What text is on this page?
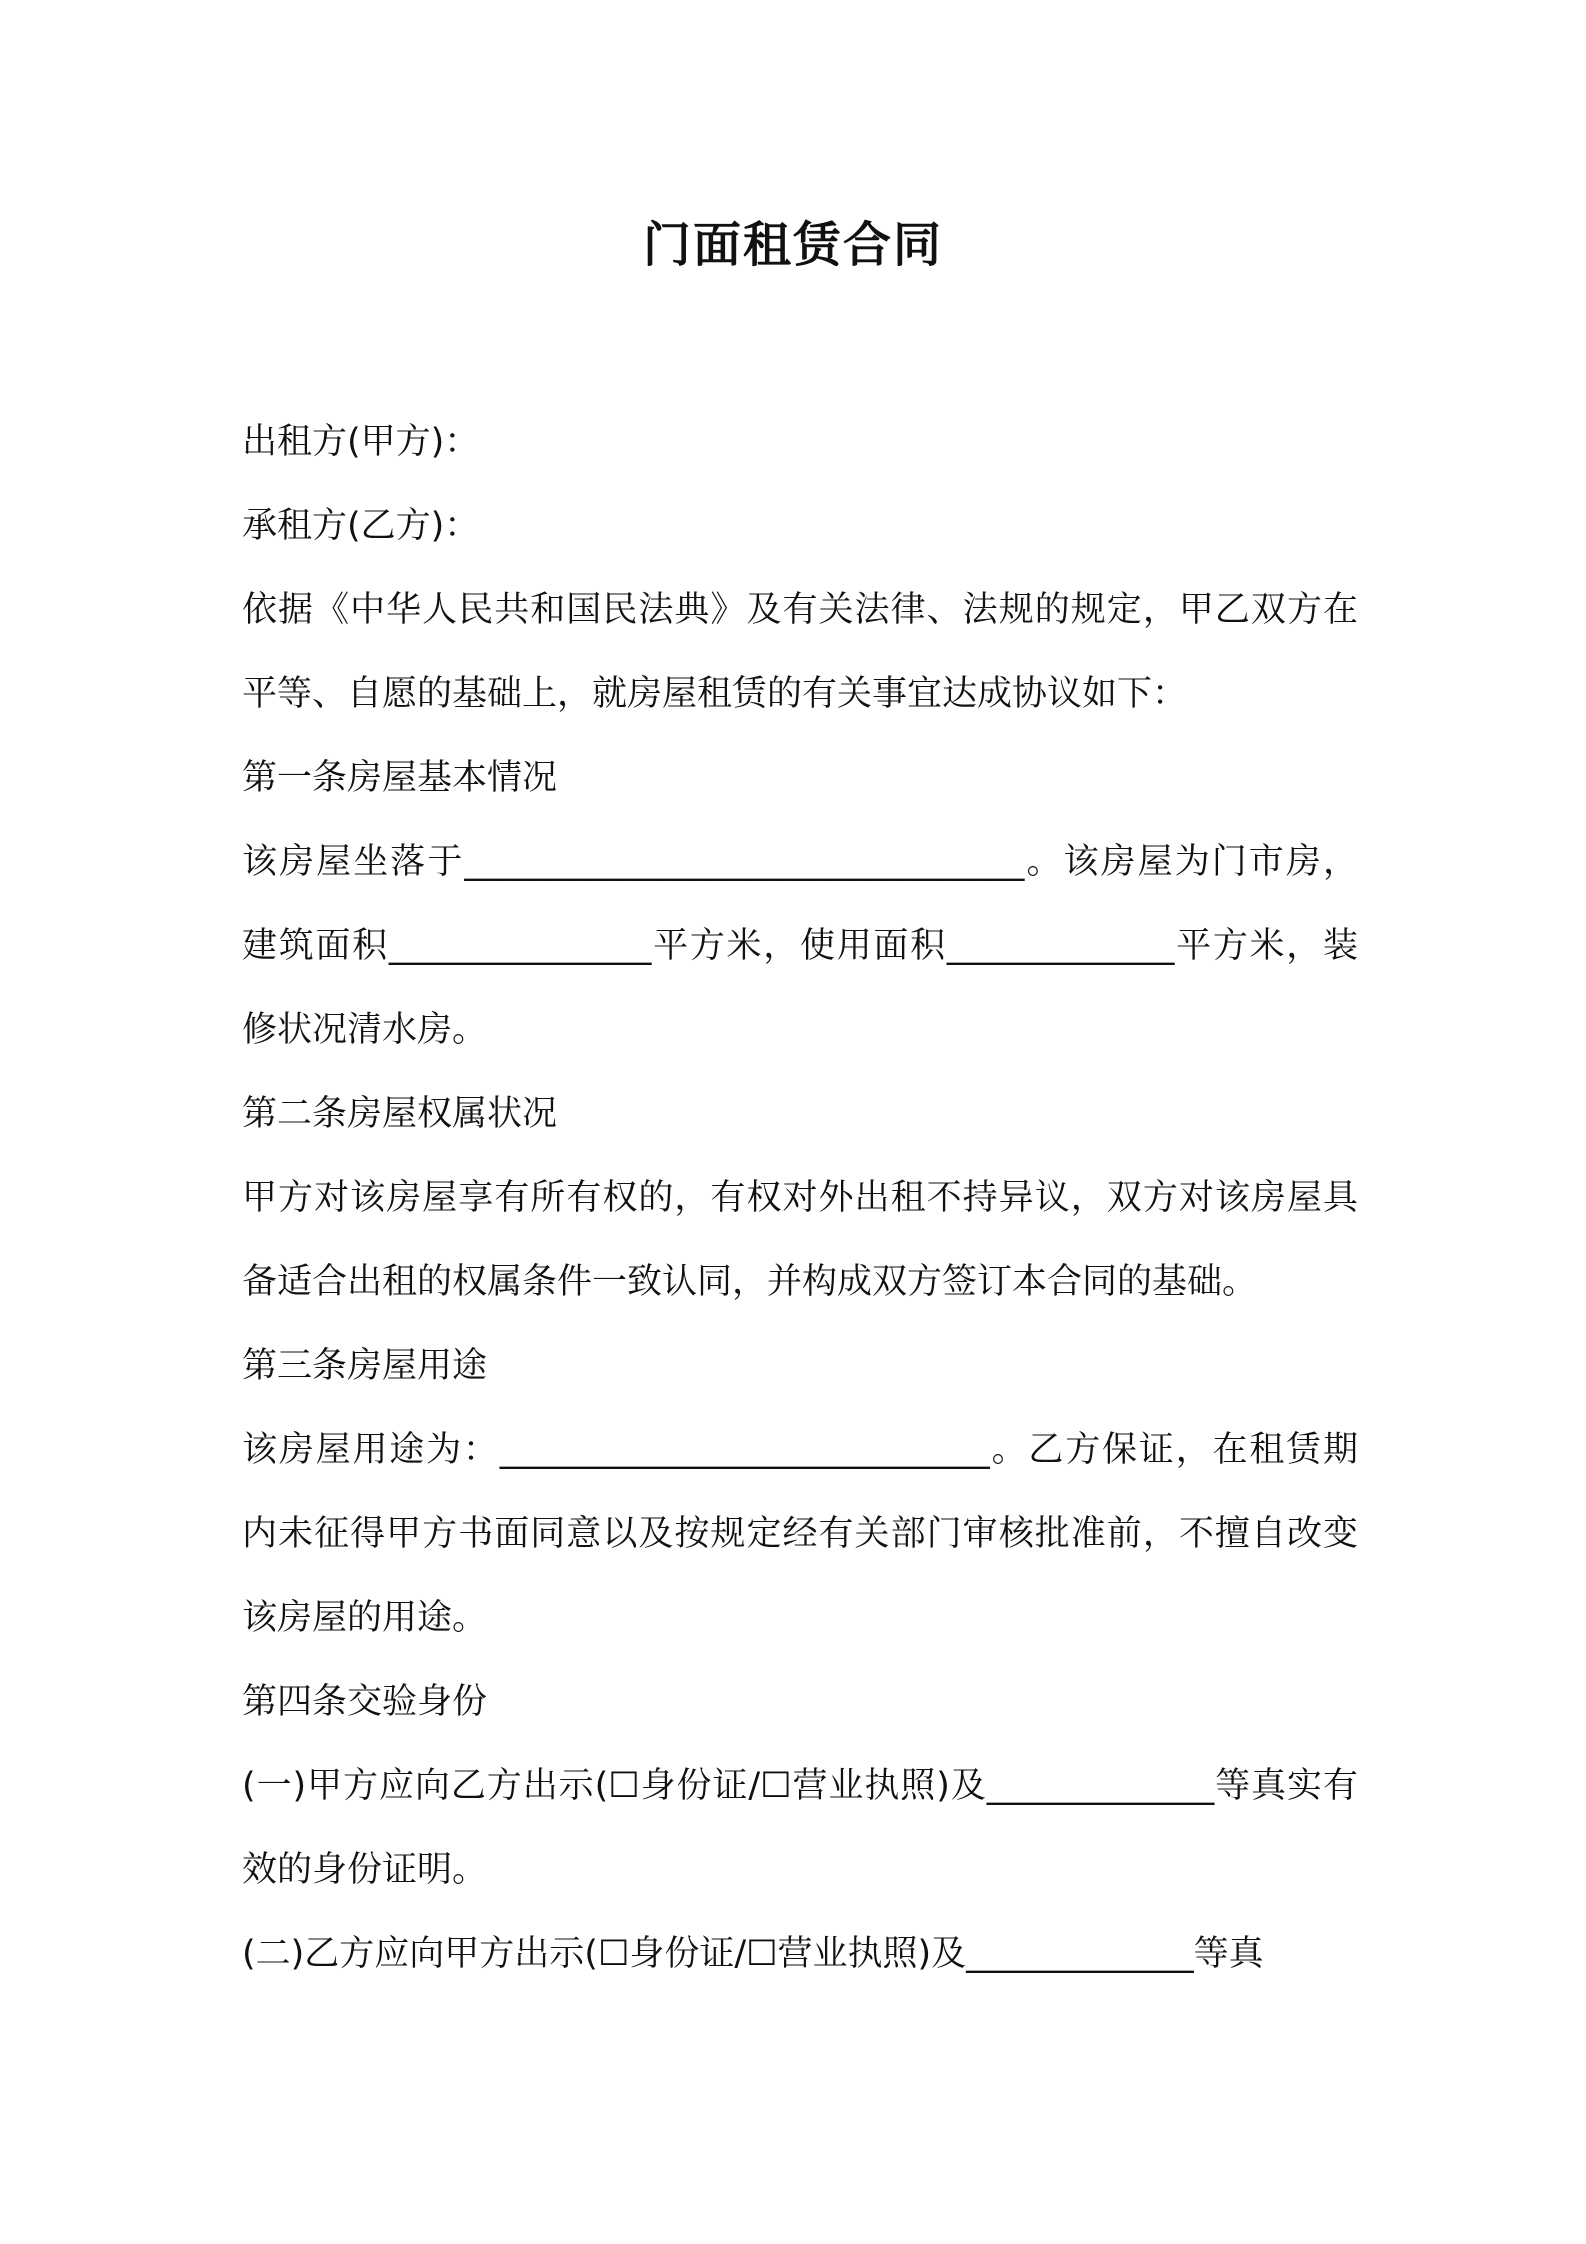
门面租赁合同
出租方(甲方)：
承租方(乙方)：

依据《中华人民共和国民法典》及有关法律、法规的规定，甲乙双方在平等、自愿的基础上，就房屋租赁的有关事宜达成协议如下：

第一条房屋基本情况

该房屋坐落于________________________________。该房屋为门市房，建筑面积_______________平方米，使用面积_____________平方米，装修状况清水房。

第二条房屋权属状况

甲方对该房屋享有所有权的，有权对外出租不持异议，双方对该房屋具备适合出租的权属条件一致认同，并构成双方签订本合同的基础。

第三条房屋用途

该房屋用途为：____________________________。乙方保证，在租赁期内未征得甲方书面同意以及按规定经有关部门审核批准前，不擅自改变该房屋的用途。

第四条交验身份

(一)甲方应向乙方出示(☐身份证/☐营业执照)及_____________等真实有效的身份证明。

(二)乙方应向甲方出示(☐身份证/☐营业执照)及_____________等真
